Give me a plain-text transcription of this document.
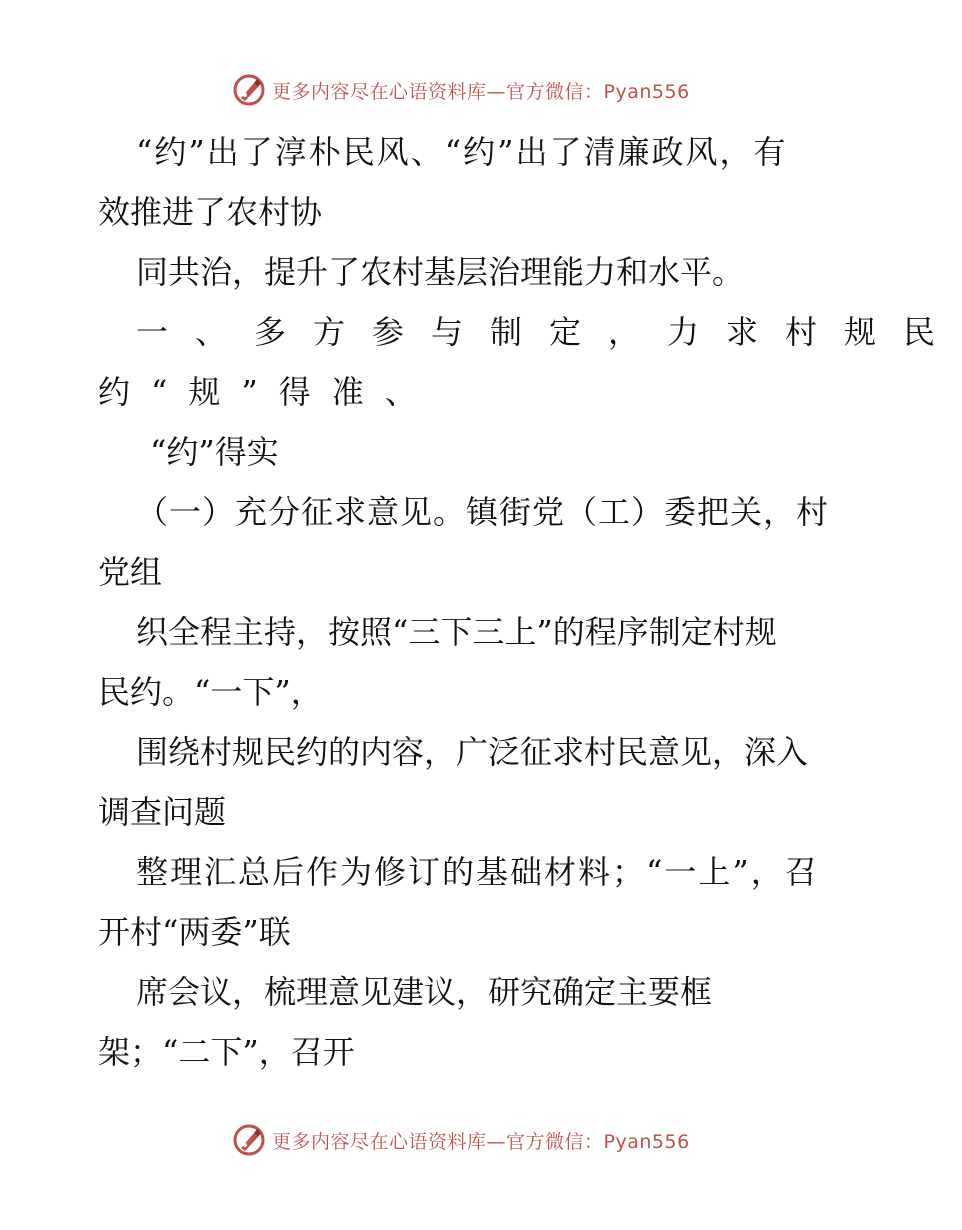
更多内容尽在心语资料库—官方微信：Pyan556
“约”出了淳朴民风、“约”出了清廉政风，有
效推进了农村协
同共治，提升了农村基层治理能力和水平。
一、多方参与制定，力求村规民
约“规”得准、
“约”得实
（一）充分征求意见。镇街党（工）委把关，村
党组
织全程主持，按照“三下三上”的程序制定村规
民约。“一下”，
围绕村规民约的内容，广泛征求村民意见，深入
调查问题
整理汇总后作为修订的基础材料；“一上”，召
开村“两委”联
席会议，梳理意见建议，研究确定主要框
架；“二下”，召开
更多内容尽在心语资料库—官方微信：Pyan556
